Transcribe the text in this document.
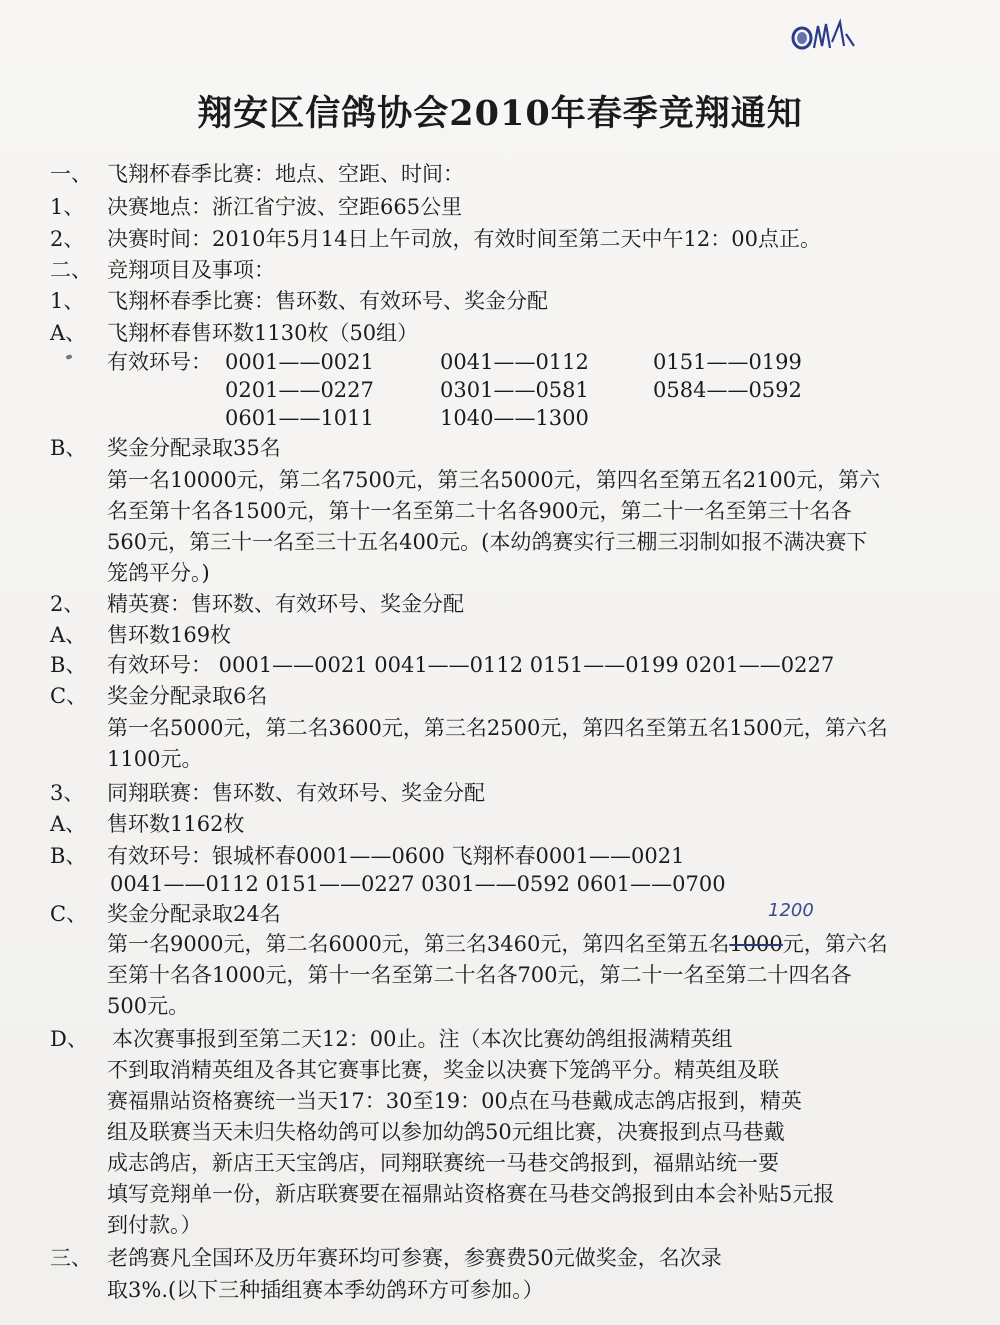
翔安区信鸽协会2010年春季竞翔通知
一、 飞翔杯春季比赛：地点、空距、时间：
1、 决赛地点：浙江省宁波、空距665公里
2、 决赛时间：2010年5月14日上午司放，有效时间至第二天中午12：00点正。
二、 竞翔项目及事项：
1、 飞翔杯春季比赛：售环数、有效环号、奖金分配
A、 飞翔杯春售环数1130枚（50组）
有效环号： 0001——0021	0041——0112	0151——0199
0201——0227	0301——0581	0584——0592
0601——1011	1040——1300
B、 奖金分配录取35名
第一名10000元，第二名7500元，第三名5000元，第四名至第五名2100元，第六
名至第十名各1500元，第十一名至第二十名各900元，第二十一名至第三十名各
560元，第三十一名至三十五名400元。(本幼鸽赛实行三棚三羽制如报不满决赛下
笼鸽平分。)
2、 精英赛：售环数、有效环号、奖金分配
A、 售环数169枚
B、 有效环号： 0001——0021 0041——0112 0151——0199 0201——0227
C、 奖金分配录取6名
第一名5000元，第二名3600元，第三名2500元，第四名至第五名1500元，第六名
1100元。
3、 同翔联赛：售环数、有效环号、奖金分配
A、 售环数1162枚
B、 有效环号：银城杯春0001——0600 飞翔杯春0001——0021
0041——0112 0151——0227 0301——0592 0601——0700
1200
C、 奖金分配录取24名
第一名9000元，第二名6000元，第三名3460元，第四名至第五名1000元，第六名
至第十名各1000元，第十一名至第二十名各700元，第二十一名至第二十四名各
500元。
D、 本次赛事报到至第二天12：00止。注（本次比赛幼鸽组报满精英组
不到取消精英组及各其它赛事比赛，奖金以决赛下笼鸽平分。精英组及联
赛福鼎站资格赛统一当天17：30至19：00点在马巷戴成志鸽店报到，精英
组及联赛当天未归失格幼鸽可以参加幼鸽50元组比赛，决赛报到点马巷戴
成志鸽店，新店王天宝鸽店，同翔联赛统一马巷交鸽报到，福鼎站统一要
填写竞翔单一份，新店联赛要在福鼎站资格赛在马巷交鸽报到由本会补贴5元报
到付款。）
三、 老鸽赛凡全国环及历年赛环均可参赛，参赛费50元做奖金，名次录
取3%.(以下三种插组赛本季幼鸽环方可参加。）
